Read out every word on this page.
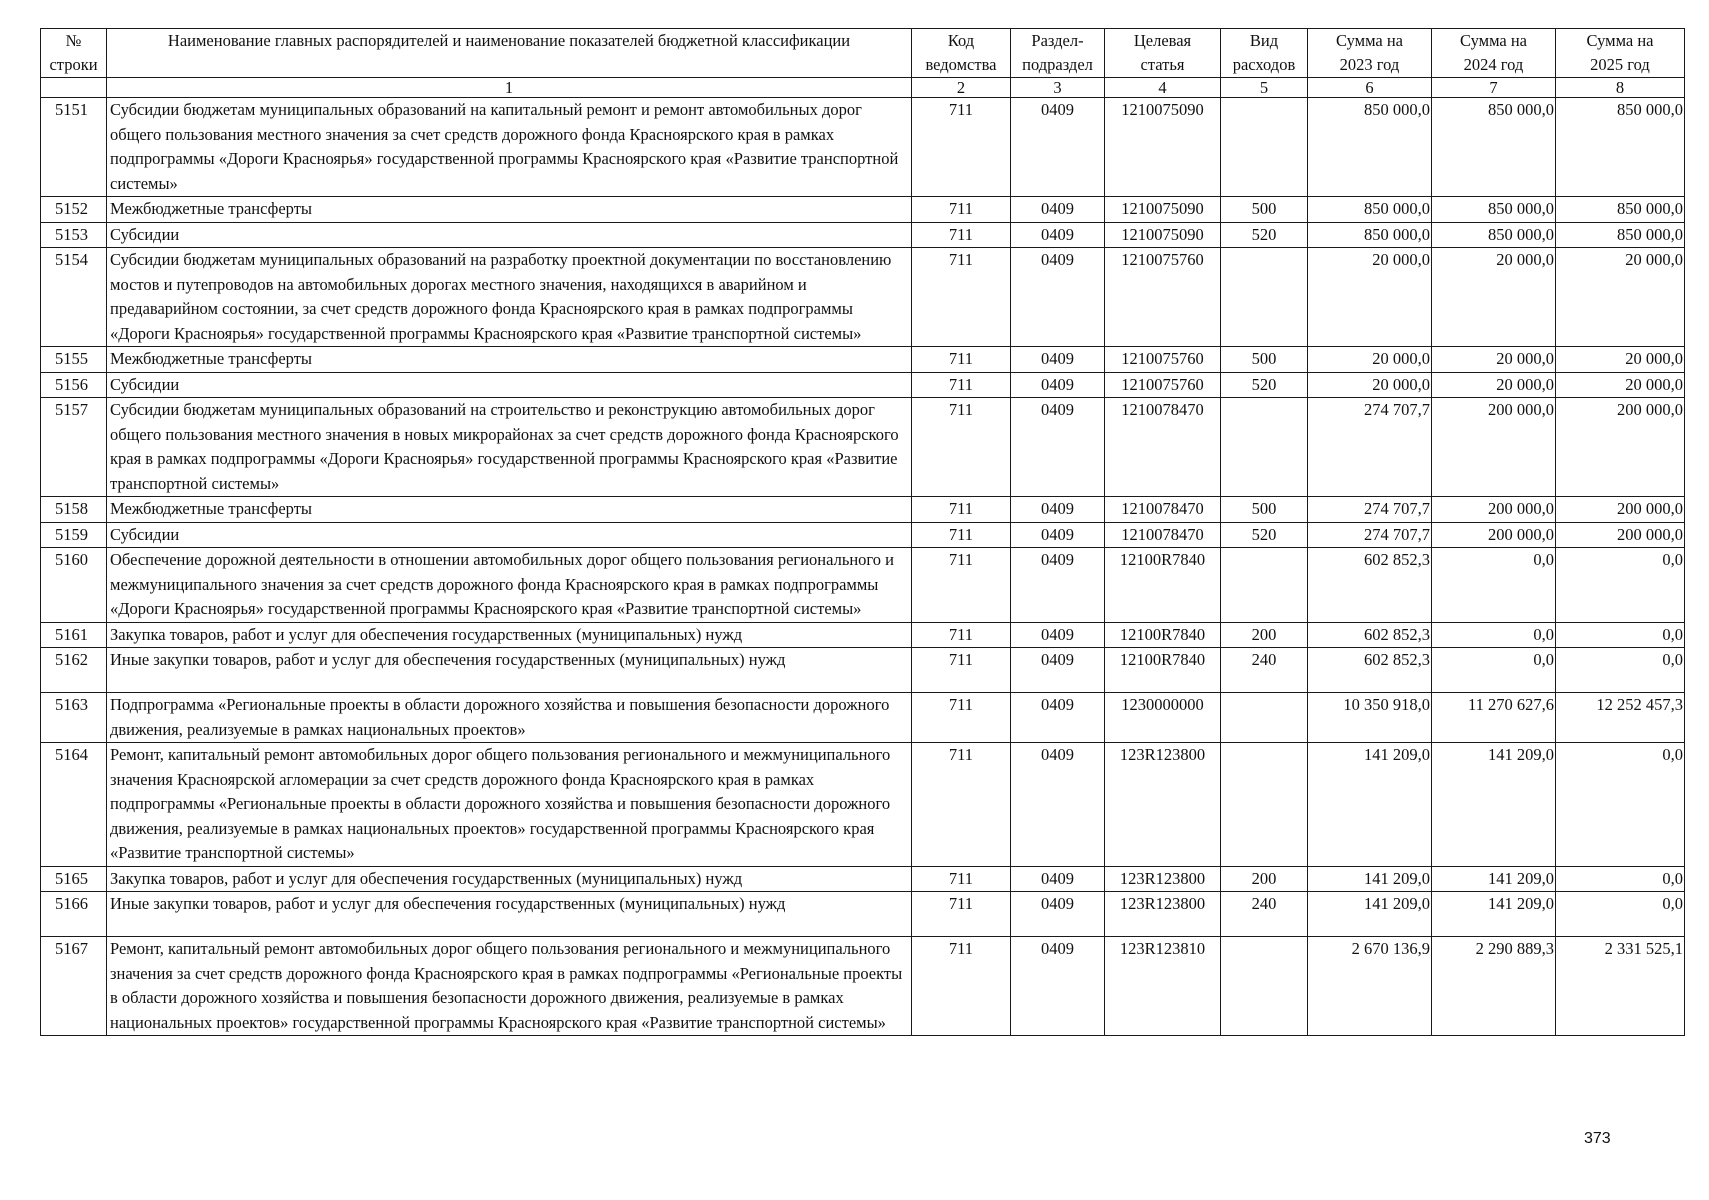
№ строки	Наименование главных распорядителей и наименование показателей бюджетной классификации	Код ведомства	Раздел-подраздел	Целевая статья	Вид расходов	Сумма на 2023 год	Сумма на 2024 год	Сумма на 2025 год
	1	2	3	4	5	6	7	8
5151	Субсидии бюджетам муниципальных образований на капитальный ремонт и ремонт автомобильных дорог общего пользования местного значения за счет средств дорожного фонда Красноярского края в рамках подпрограммы «Дороги Красноярья» государственной программы Красноярского края «Развитие транспортной системы»	711	0409	1210075090		850 000,0	850 000,0	850 000,0
5152	Межбюджетные трансферты	711	0409	1210075090	500	850 000,0	850 000,0	850 000,0
5153	Субсидии	711	0409	1210075090	520	850 000,0	850 000,0	850 000,0
5154	Субсидии бюджетам муниципальных образований на разработку проектной документации по восстановлению мостов и путепроводов на автомобильных дорогах местного значения, находящихся в аварийном и предаварийном состоянии, за счет средств дорожного фонда Красноярского края в рамках подпрограммы «Дороги Красноярья» государственной программы Красноярского края «Развитие транспортной системы»	711	0409	1210075760		20 000,0	20 000,0	20 000,0
5155	Межбюджетные трансферты	711	0409	1210075760	500	20 000,0	20 000,0	20 000,0
5156	Субсидии	711	0409	1210075760	520	20 000,0	20 000,0	20 000,0
5157	Субсидии бюджетам муниципальных образований на строительство и реконструкцию автомобильных дорог общего пользования местного значения в новых микрорайонах за счет средств дорожного фонда Красноярского края в рамках подпрограммы «Дороги Красноярья» государственной программы Красноярского края «Развитие транспортной системы»	711	0409	1210078470		274 707,7	200 000,0	200 000,0
5158	Межбюджетные трансферты	711	0409	1210078470	500	274 707,7	200 000,0	200 000,0
5159	Субсидии	711	0409	1210078470	520	274 707,7	200 000,0	200 000,0
5160	Обеспечение дорожной деятельности в отношении автомобильных дорог общего пользования регионального и межмуниципального значения за счет средств дорожного фонда Красноярского края в рамках подпрограммы «Дороги Красноярья» государственной программы Красноярского края «Развитие транспортной системы»	711	0409	12100R7840		602 852,3	0,0	0,0
5161	Закупка товаров, работ и услуг для обеспечения государственных (муниципальных) нужд	711	0409	12100R7840	200	602 852,3	0,0	0,0
5162	Иные закупки товаров, работ и услуг для обеспечения государственных (муниципальных) нужд	711	0409	12100R7840	240	602 852,3	0,0	0,0
5163	Подпрограмма «Региональные проекты в области дорожного хозяйства и повышения безопасности дорожного движения, реализуемые в рамках национальных проектов»	711	0409	1230000000		10 350 918,0	11 270 627,6	12 252 457,3
5164	Ремонт, капитальный ремонт автомобильных дорог общего пользования регионального и межмуниципального значения Красноярской агломерации за счет средств дорожного фонда Красноярского края в рамках подпрограммы «Региональные проекты в области дорожного хозяйства и повышения безопасности дорожного движения, реализуемые в рамках национальных проектов» государственной программы Красноярского края «Развитие транспортной системы»	711	0409	123R123800		141 209,0	141 209,0	0,0
5165	Закупка товаров, работ и услуг для обеспечения государственных (муниципальных) нужд	711	0409	123R123800	200	141 209,0	141 209,0	0,0
5166	Иные закупки товаров, работ и услуг для обеспечения государственных (муниципальных) нужд	711	0409	123R123800	240	141 209,0	141 209,0	0,0
5167	Ремонт, капитальный ремонт автомобильных дорог общего пользования регионального и межмуниципального значения за счет средств дорожного фонда Красноярского края в рамках подпрограммы «Региональные проекты в области дорожного хозяйства и повышения безопасности дорожного движения, реализуемые в рамках национальных проектов» государственной программы Красноярского края «Развитие транспортной системы»	711	0409	123R123810		2 670 136,9	2 290 889,3	2 331 525,1
373
